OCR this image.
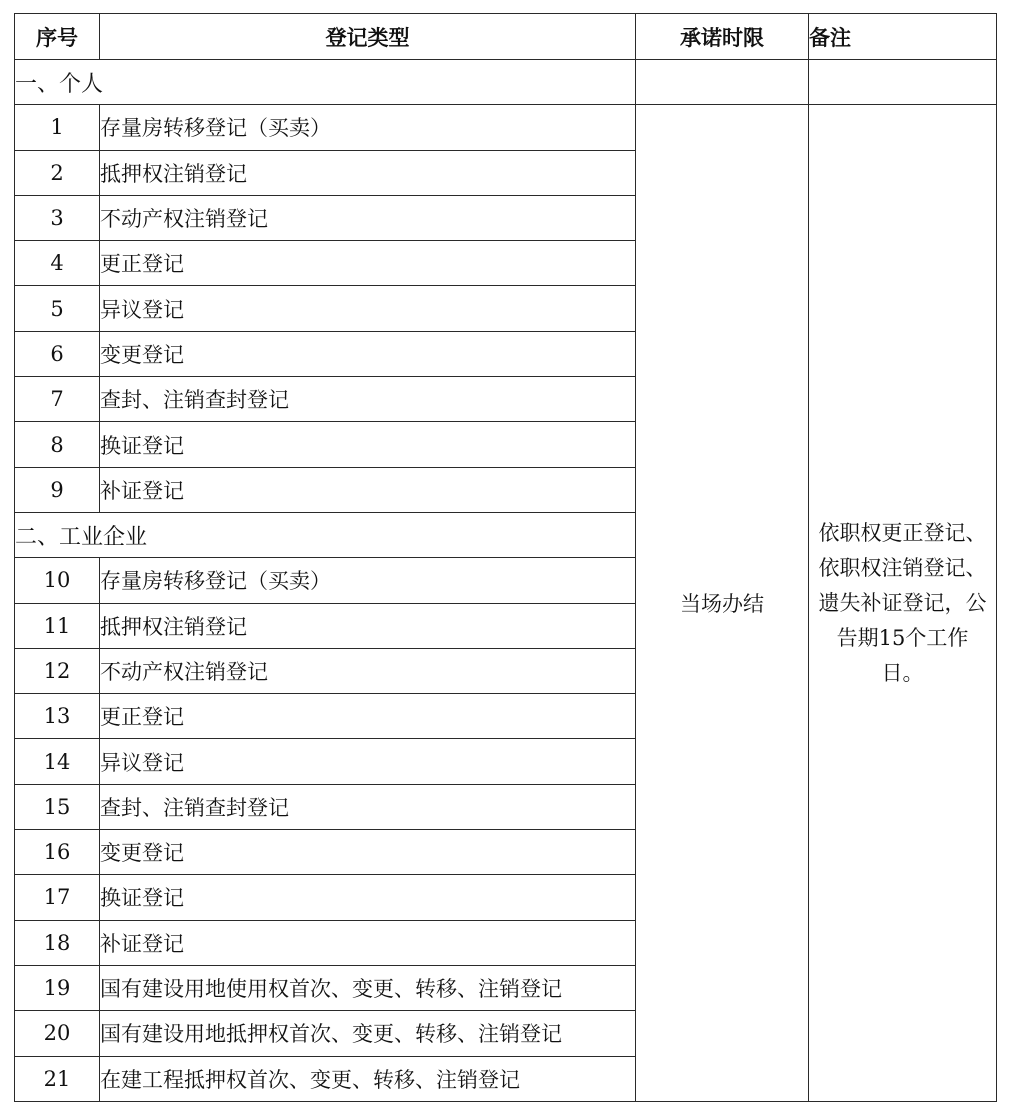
序号	登记类型	承诺时限	备注
一、个人			
1	存量房转移登记（买卖）	当场办结	依职权更正登记、依职权注销登记、遗失补证登记，公告期15个工作日。
2	抵押权注销登记		
3	不动产权注销登记		
4	更正登记		
5	异议登记		
6	变更登记		
7	查封、注销查封登记		
8	换证登记		
9	补证登记		
二、工业企业			
10	存量房转移登记（买卖）		
11	抵押权注销登记		
12	不动产权注销登记		
13	更正登记		
14	异议登记		
15	查封、注销查封登记		
16	变更登记		
17	换证登记		
18	补证登记		
19	国有建设用地使用权首次、变更、转移、注销登记		
20	国有建设用地抵押权首次、变更、转移、注销登记		
21	在建工程抵押权首次、变更、转移、注销登记		
